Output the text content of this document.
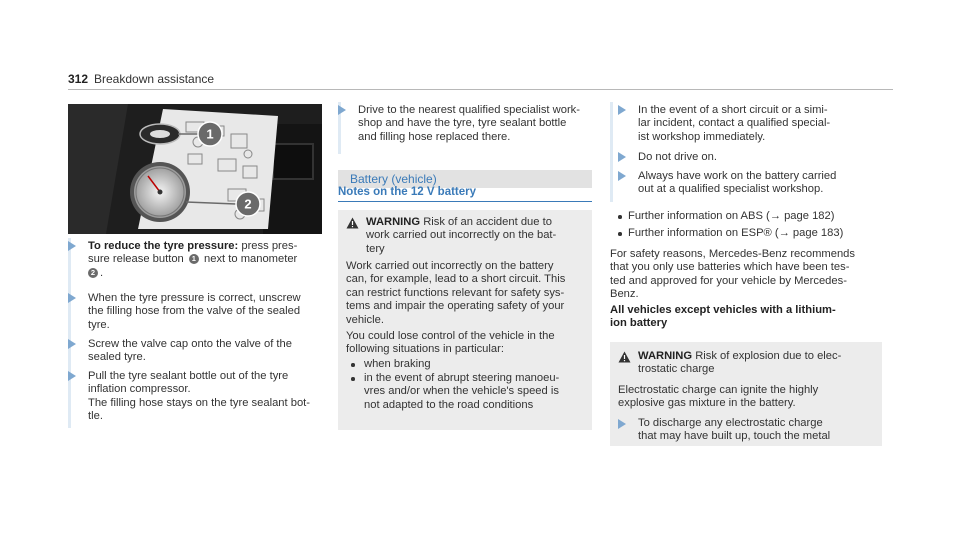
312 Breakdown assistance
1
2
To reduce the tyre pressure: press pres-
sure release button 1 next to manometer
2 .
When the tyre pressure is correct, unscrew
the filling hose from the valve of the sealed
tyre.
Screw the valve cap onto the valve of the
sealed tyre.
Pull the tyre sealant bottle out of the tyre
inflation compressor.
The filling hose stays on the tyre sealant bot-
tle.
Drive to the nearest qualified specialist work-
shop and have the tyre, tyre sealant bottle
and filling hose replaced there.
Battery (vehicle)
Notes on the 12 V battery
WARNING Risk of an accident due to
work carried out incorrectly on the bat-
tery
Work carried out incorrectly on the battery
can, for example, lead to a short circuit. This
can restrict functions relevant for safety sys-
tems and impair the operating safety of your
vehicle.
You could lose control of the vehicle in the
following situations in particular:
when braking
in the event of abrupt steering manoeu-
vres and/or when the vehicle's speed is
not adapted to the road conditions
In the event of a short circuit or a simi-
lar incident, contact a qualified special-
ist workshop immediately.
Do not drive on.
Always have work on the battery carried
out at a qualified specialist workshop.
Further information on ABS (→ page 182)
Further information on ESP® (→ page 183)
For safety reasons, Mercedes-Benz recommends
that you only use batteries which have been tes-
ted and approved for your vehicle by Mercedes-
Benz.
All vehicles except vehicles with a lithium-
ion battery
WARNING Risk of explosion due to elec-
trostatic charge
Electrostatic charge can ignite the highly
explosive gas mixture in the battery.
To discharge any electrostatic charge
that may have built up, touch the metal
